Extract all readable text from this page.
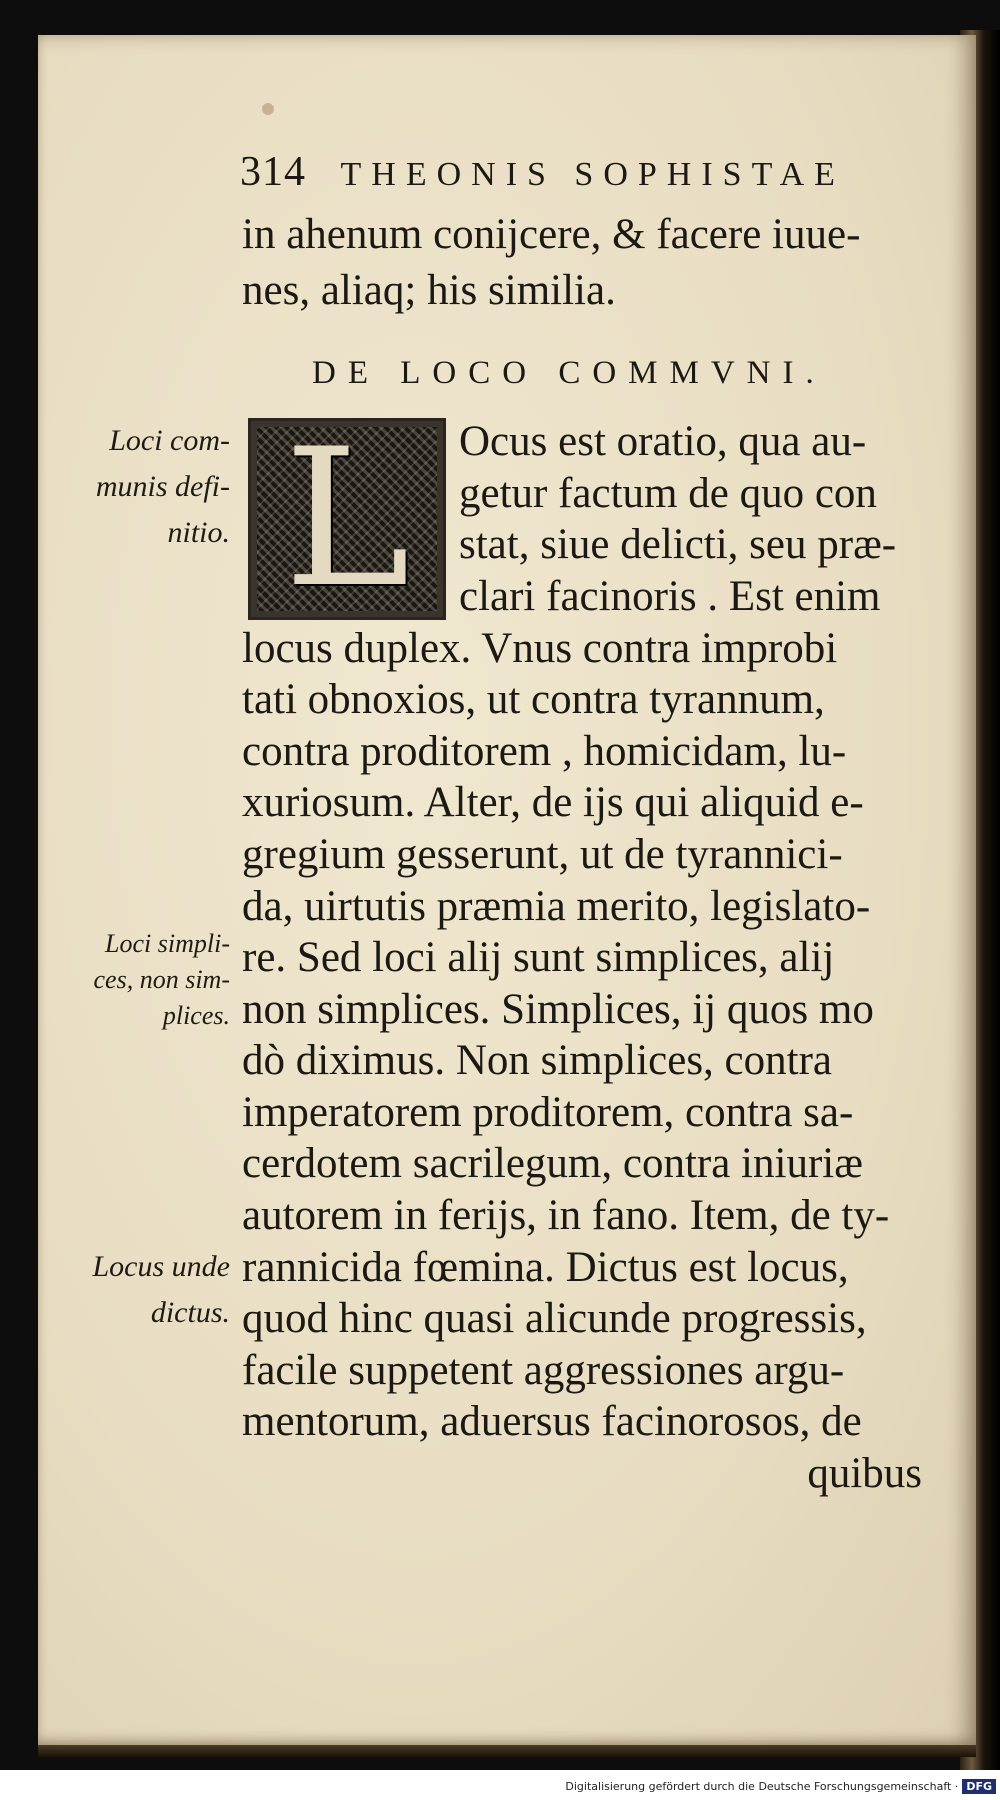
314 THEONIS SOPHISTAE
in ahenum conijcere, & facere iuue-
nes, aliaq; his similia.
DE LOCO COMMVNI.
L Ocus est oratio, qua au-
getur factum de quo con
stat, siue delicti, seu præ-
clari facinoris . Est enim
locus duplex. Vnus contra improbi
tati obnoxios, ut contra tyrannum,
contra proditorem , homicidam, lu-
xuriosum. Alter, de ijs qui aliquid e-
gregium gesserunt, ut de tyrannici-
da, uirtutis præmia merito, legislato-
re. Sed loci alij sunt simplices, alij
non simplices. Simplices, ij quos mo
dò diximus. Non simplices, contra
imperatorem proditorem, contra sa-
cerdotem sacrilegum, contra iniuriæ
autorem in ferijs, in fano. Item, de ty-
rannicida fœmina. Dictus est locus,
quod hinc quasi alicunde progressis,
facile suppetent aggressiones argu-
mentorum, aduersus facinorosos, de
quibus
Loci com-
munis defi-
nitio.
Loci simpli-
ces, non sim-
plices.
Locus unde
dictus.
Digitalisierung gefördert durch die Deutsche Forschungsgemeinschaft · DFG
